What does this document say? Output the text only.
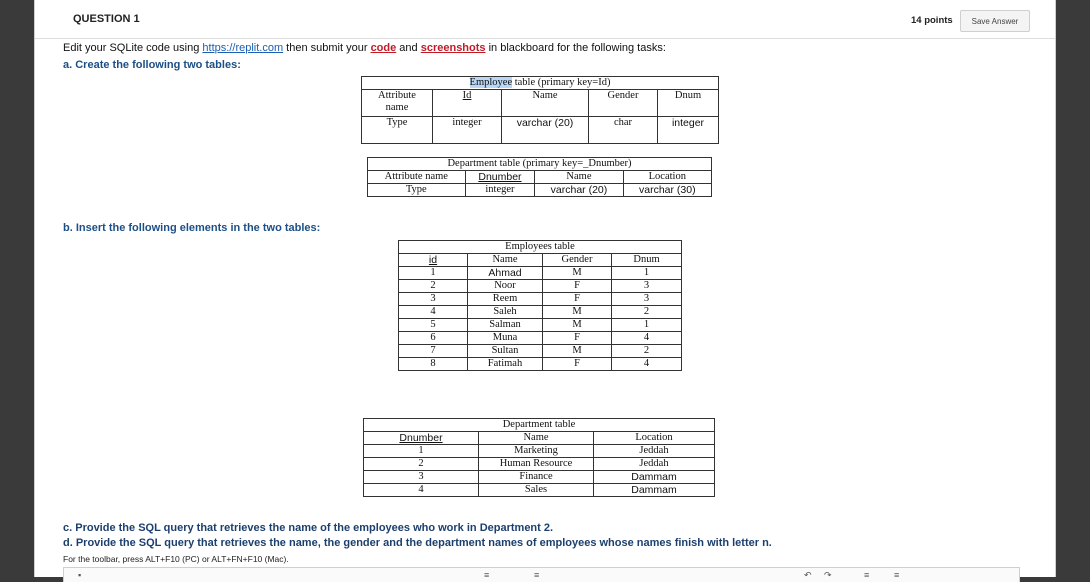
QUESTION 1	14 points	Save Answer
Edit your SQLite code using https://replit.com then submit your code and screenshots in blackboard for the following tasks:
a. Create the following two tables:
Employee table (primary key=Id)				
Attribute
name	Id	Name	Gender	Dnum
Type	integer	varchar (20)	char	integer
Department table (primary key=_Dnumber)			
Attribute name	Dnumber	Name	Location
Type	integer	varchar (20)	varchar (30)
b. Insert the following elements in the two tables:
Employees table			
id	Name	Gender	Dnum
1	Ahmad	M	1
2	Noor	F	3
3	Reem	F	3
4	Saleh	M	2
5	Salman	M	1
6	Muna	F	4
7	Sultan	M	2
8	Fatimah	F	4
Department table		
Dnumber	Name	Location
1	Marketing	Jeddah
2	Human Resource	Jeddah
3	Finance	Dammam
4	Sales	Dammam
c. Provide the SQL query that retrieves the name of the employees who work in Department 2.
d. Provide the SQL query that retrieves the name, the gender and the department names of employees whose names finish with letter n.
For the toolbar, press ALT+F10 (PC) or ALT+FN+F10 (Mac).
▪	≡	≡	↶ ↷	≡	≡
